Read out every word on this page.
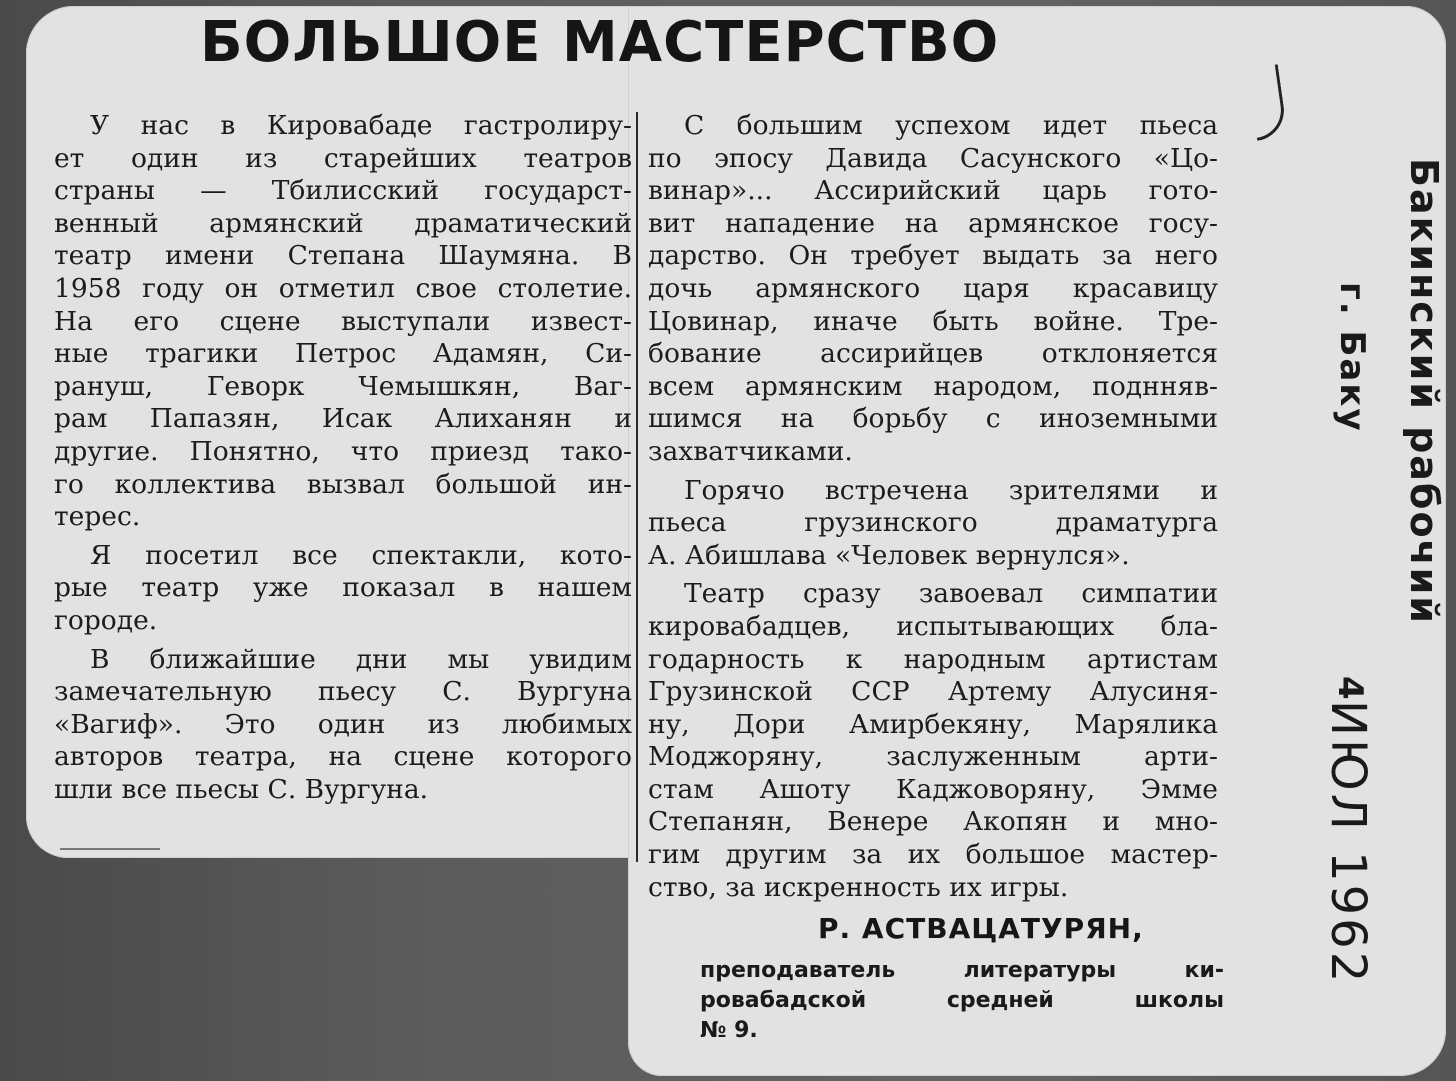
БОЛЬШОЕ МАСТЕРСТВО

У нас в Кировабаде гастролиру-
ет один из старейших театров
страны — Тбилисский государст-
венный армянский драматический
театр имени Степана Шаумяна. В
1958 году он отметил свое столетие.
На его сцене выступали извест-
ные трагики Петрос Адамян, Си-
рануш, Геворк Чемышкян, Ваг-
рам Папазян, Исак Алиханян и
другие. Понятно, что приезд тако-
го коллектива вызвал большой ин-
терес.

Я посетил все спектакли, кото-
рые театр уже показал в нашем
городе.

В ближайшие дни мы увидим
замечательную пьесу С. Вургуна
«Вагиф». Это один из любимых
авторов театра, на сцене которого
шли все пьесы С. Вургуна.

С большим успехом идет пьеса
по эпосу Давида Сасунского «Цо-
винар»... Ассирийский царь гото-
вит нападение на армянское госу-
дарство. Он требует выдать за него
дочь армянского царя красавицу
Цовинар, иначе быть войне. Тре-
бование ассирийцев отклоняется
всем армянским народом, поднняв-
шимся на борьбу с иноземными
захватчиками.

Горячо встречена зрителями и
пьеса грузинского драматурга
А. Абишлава «Человек вернулся».

Театр сразу завоевал симпатии
кировабадцев, испытывающих бла-
годарность к народным артистам
Грузинской ССР Артему Алусиня-
ну, Дори Амирбекяну, Марялика
Моджоряну, заслуженным арти-
стам Ашоту Каджоворяну, Эмме
Степанян, Венере Акопян и мно-
гим другим за их большое мастер-
ство, за искренность их игры.

Р. АСТВАЦАТУРЯН,
преподаватель литературы ки-
ровабадской средней школы
№ 9.
Бакинский рабочий
г. Баку
4
ИЮЛ 1962
